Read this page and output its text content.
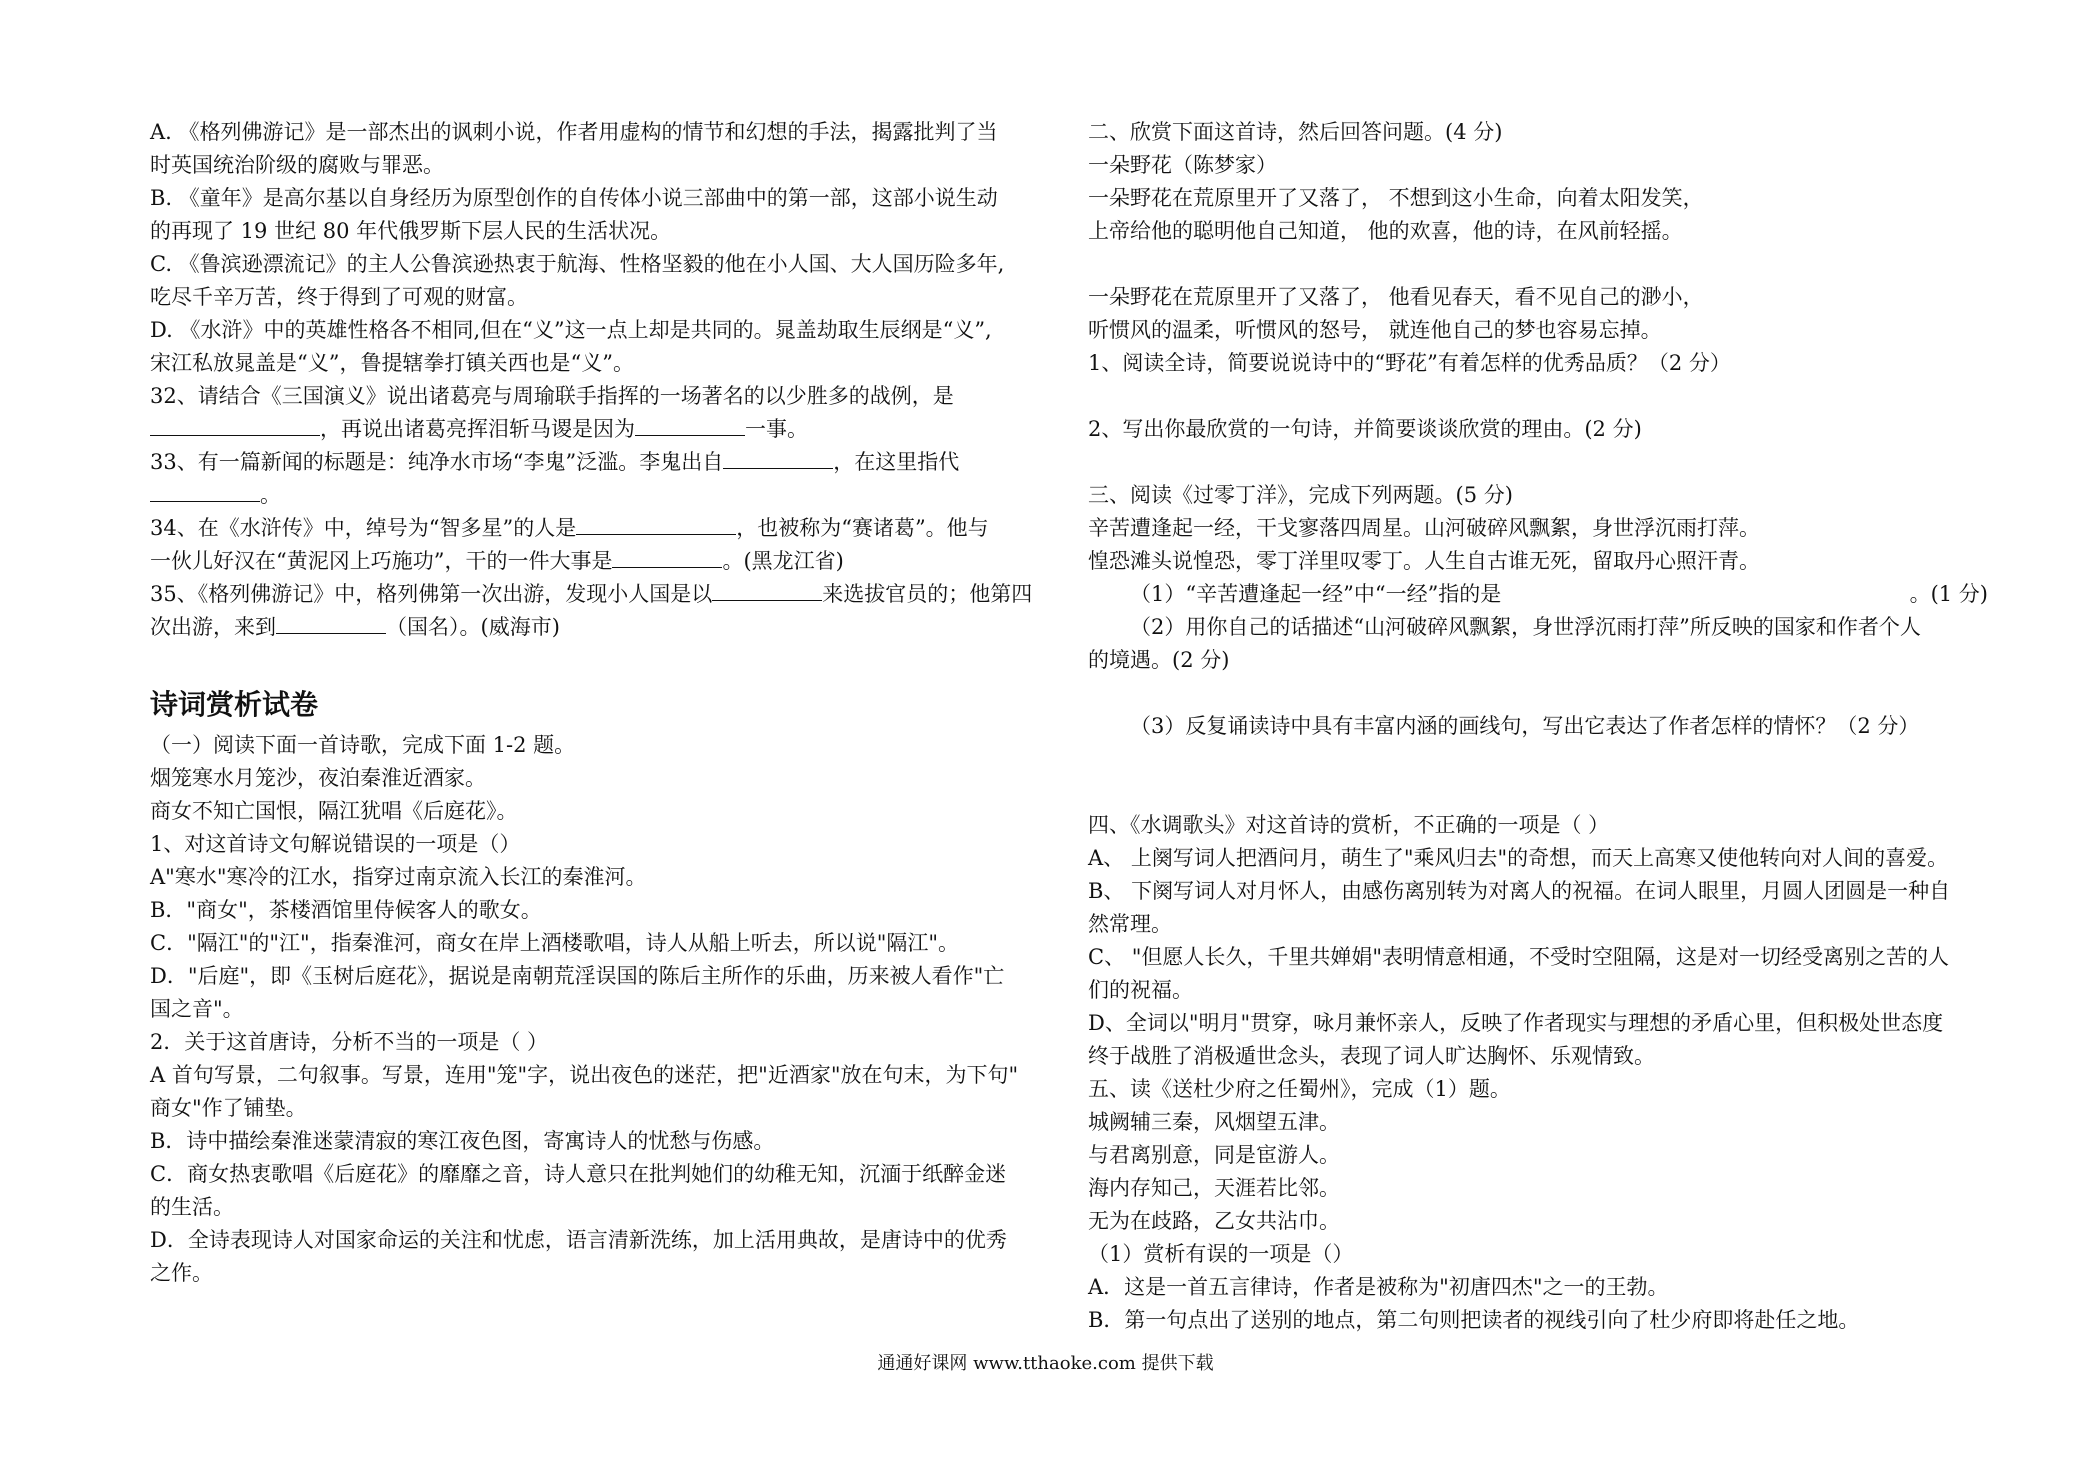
A. 《格列佛游记》是一部杰出的讽刺小说，作者用虚构的情节和幻想的手法，揭露批判了当

时英国统治阶级的腐败与罪恶。

B. 《童年》是高尔基以自身经历为原型创作的自传体小说三部曲中的第一部，这部小说生动

的再现了 19 世纪 80 年代俄罗斯下层人民的生活状况。

C. 《鲁滨逊漂流记》的主人公鲁滨逊热衷于航海、性格坚毅的他在小人国、大人国历险多年,

吃尽千辛万苦，终于得到了可观的财富。

D. 《水浒》中的英雄性格各不相同,但在“义”这一点上却是共同的。晁盖劫取生辰纲是“义”,

宋江私放晁盖是“义”，鲁提辖拳打镇关西也是“义”。

32、请结合《三国演义》说出诸葛亮与周瑜联手指挥的一场著名的以少胜多的战例，是

，再说出诸葛亮挥泪斩马谡是因为	一事。

33、有一篇新闻的标题是：纯净水市场“李鬼”泛滥。李鬼出自	，在这里指代

。

34、在《水浒传》中，绰号为“智多星”的人是	，也被称为“赛诸葛”。他与

一伙儿好汉在“黄泥冈上巧施功”，干的一件大事是	。(黑龙江省)

35、《格列佛游记》中，格列佛第一次出游，发现小人国是以	来选拔官员的；他第四

次出游，来到	（国名）。(威海市)

诗词赏析试卷

（一）阅读下面一首诗歌，完成下面 1-2 题。

烟笼寒水月笼沙，夜泊秦淮近酒家。

商女不知亡国恨，隔江犹唱《后庭花》。

1、对这首诗文句解说错误的一项是（）

A"寒水"寒冷的江水，指穿过南京流入长江的秦淮河。

B．"商女"，茶楼酒馆里侍候客人的歌女。

C．"隔江"的"江"，指秦淮河，商女在岸上酒楼歌唱，诗人从船上听去，所以说"隔江"。

D．"后庭"，即《玉树后庭花》，据说是南朝荒淫误国的陈后主所作的乐曲，历来被人看作"亡

国之音"。

2．关于这首唐诗，分析不当的一项是（ ）

A 首句写景，二句叙事。写景，连用"笼"字，说出夜色的迷茫，把"近酒家"放在句末，为下句"

商女"作了铺垫。

B．诗中描绘秦淮迷蒙清寂的寒江夜色图，寄寓诗人的忧愁与伤感。

C．商女热衷歌唱《后庭花》的靡靡之音，诗人意只在批判她们的幼稚无知，沉湎于纸醉金迷

的生活。

D．全诗表现诗人对国家命运的关注和忧虑，语言清新洗练，加上活用典故，是唐诗中的优秀

之作。

二、欣赏下面这首诗，然后回答问题。(4 分)

一朵野花（陈梦家）

一朵野花在荒原里开了又落了， 不想到这小生命，向着太阳发笑，

上帝给他的聪明他自己知道， 他的欢喜，他的诗，在风前轻摇。

一朵野花在荒原里开了又落了， 他看见春天，看不见自己的渺小，

听惯风的温柔，听惯风的怒号， 就连他自己的梦也容易忘掉。

1、阅读全诗，简要说说诗中的“野花”有着怎样的优秀品质？（2 分）

2、写出你最欣赏的一句诗，并简要谈谈欣赏的理由。(2 分)

三、阅读《过零丁洋》，完成下列两题。(5 分)

辛苦遭逢起一经，干戈寥落四周星。山河破碎风飘絮，身世浮沉雨打萍。

惶恐滩头说惶恐，零丁洋里叹零丁。人生自古谁无死，留取丹心照汗青。

（1）“辛苦遭逢起一经”中“一经”指的是	。(1 分)

（2）用你自己的话描述“山河破碎风飘絮，身世浮沉雨打萍”所反映的国家和作者个人

的境遇。(2 分)

（3）反复诵读诗中具有丰富内涵的画线句，写出它表达了作者怎样的情怀？（2 分）

四、《水调歌头》对这首诗的赏析，不正确的一项是（ ）

A、 上阕写词人把酒问月，萌生了"乘风归去"的奇想，而天上高寒又使他转向对人间的喜爱。

B、 下阕写词人对月怀人，由感伤离别转为对离人的祝福。在词人眼里，月圆人团圆是一种自

然常理。

C、 "但愿人长久，千里共婵娟"表明情意相通，不受时空阻隔，这是对一切经受离别之苦的人

们的祝福。

D、全词以"明月"贯穿，咏月兼怀亲人，反映了作者现实与理想的矛盾心里，但积极处世态度

终于战胜了消极遁世念头，表现了词人旷达胸怀、乐观情致。

五、读《送杜少府之任蜀州》，完成（1）题。

城阙辅三秦，风烟望五津。

与君离别意，同是宦游人。

海内存知己，天涯若比邻。

无为在歧路，乙女共沾巾。

（1）赏析有误的一项是（）

A．这是一首五言律诗，作者是被称为"初唐四杰"之一的王勃。

B．第一句点出了送别的地点，第二句则把读者的视线引向了杜少府即将赴任之地。

通通好课网 www.tthaoke.com 提供下载
